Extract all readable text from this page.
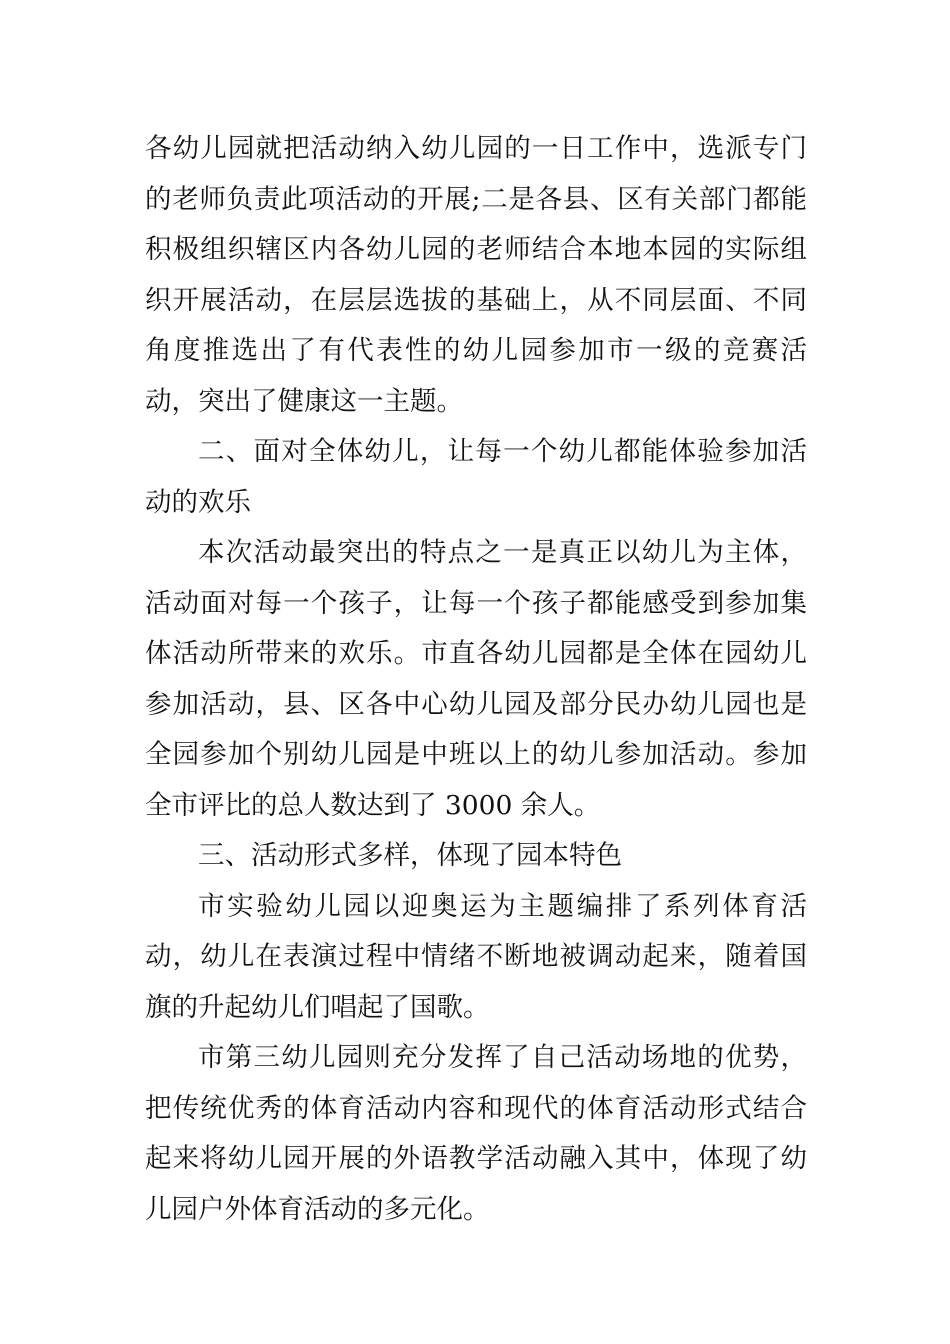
各幼儿园就把活动纳入幼儿园的一日工作中，选派专门的老师负责此项活动的开展;二是各县、区有关部门都能积极组织辖区内各幼儿园的老师结合本地本园的实际组织开展活动，在层层选拔的基础上，从不同层面、不同角度推选出了有代表性的幼儿园参加市一级的竞赛活动，突出了健康这一主题。

二、面对全体幼儿，让每一个幼儿都能体验参加活动的欢乐

本次活动最突出的特点之一是真正以幼儿为主体，活动面对每一个孩子，让每一个孩子都能感受到参加集体活动所带来的欢乐。市直各幼儿园都是全体在园幼儿参加活动，县、区各中心幼儿园及部分民办幼儿园也是全园参加个别幼儿园是中班以上的幼儿参加活动。参加全市评比的总人数达到了 3000 余人。

三、活动形式多样，体现了园本特色

市实验幼儿园以迎奥运为主题编排了系列体育活动，幼儿在表演过程中情绪不断地被调动起来，随着国旗的升起幼儿们唱起了国歌。

市第三幼儿园则充分发挥了自己活动场地的优势，把传统优秀的体育活动内容和现代的体育活动形式结合起来将幼儿园开展的外语教学活动融入其中，体现了幼儿园户外体育活动的多元化。
